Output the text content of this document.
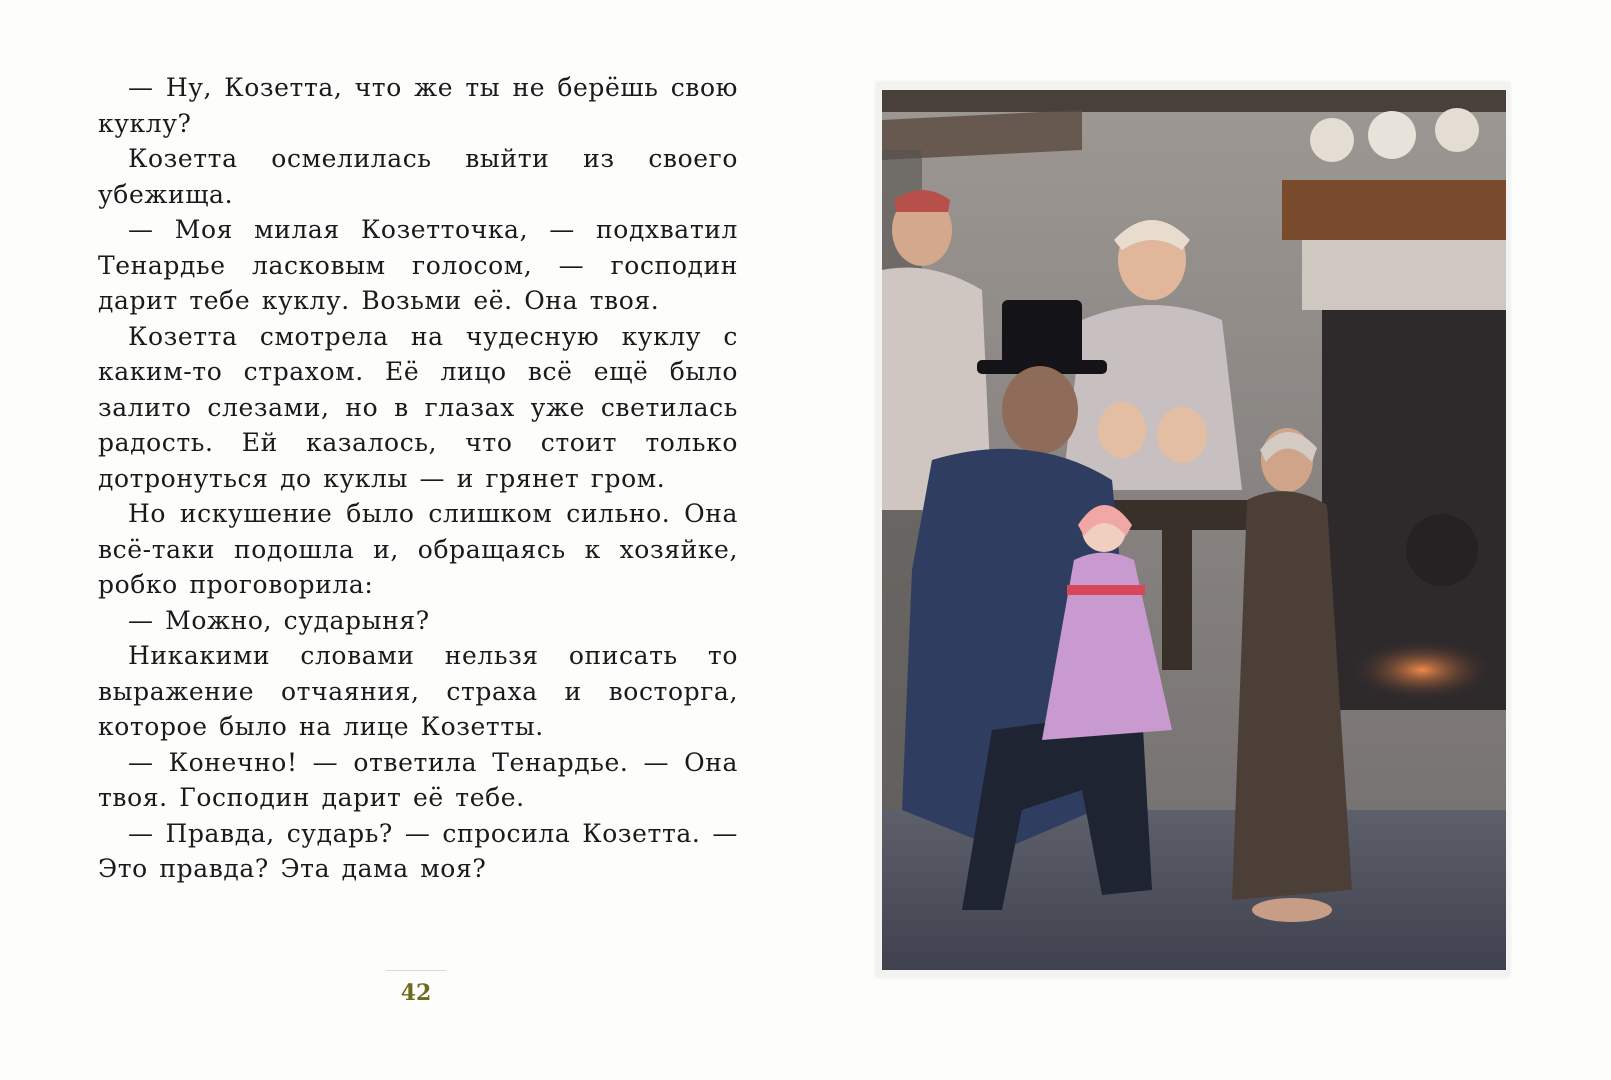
— Ну, Козетта, что же ты не берёшь свою куклу?

Козетта осмелилась выйти из своего убежища.

— Моя милая Козетточка, — подхватил Тенардье ласковым голосом, — господин дарит тебе куклу. Возьми её. Она твоя.

Козетта смотрела на чудесную куклу с каким-то страхом. Её лицо всё ещё было залито слезами, но в глазах уже светилась радость. Ей казалось, что стоит только дотронуться до куклы — и грянет гром.

Но искушение было слишком сильно. Она всё-таки подошла и, обращаясь к хозяйке, робко проговорила:

— Можно, сударыня?

Никакими словами нельзя описать то выражение отчаяния, страха и восторга, которое было на лице Козетты.

— Конечно! — ответила Тенардье. — Она твоя. Господин дарит её тебе.

— Правда, сударь? — спросила Козетта. — Это правда? Эта дама моя?

42
